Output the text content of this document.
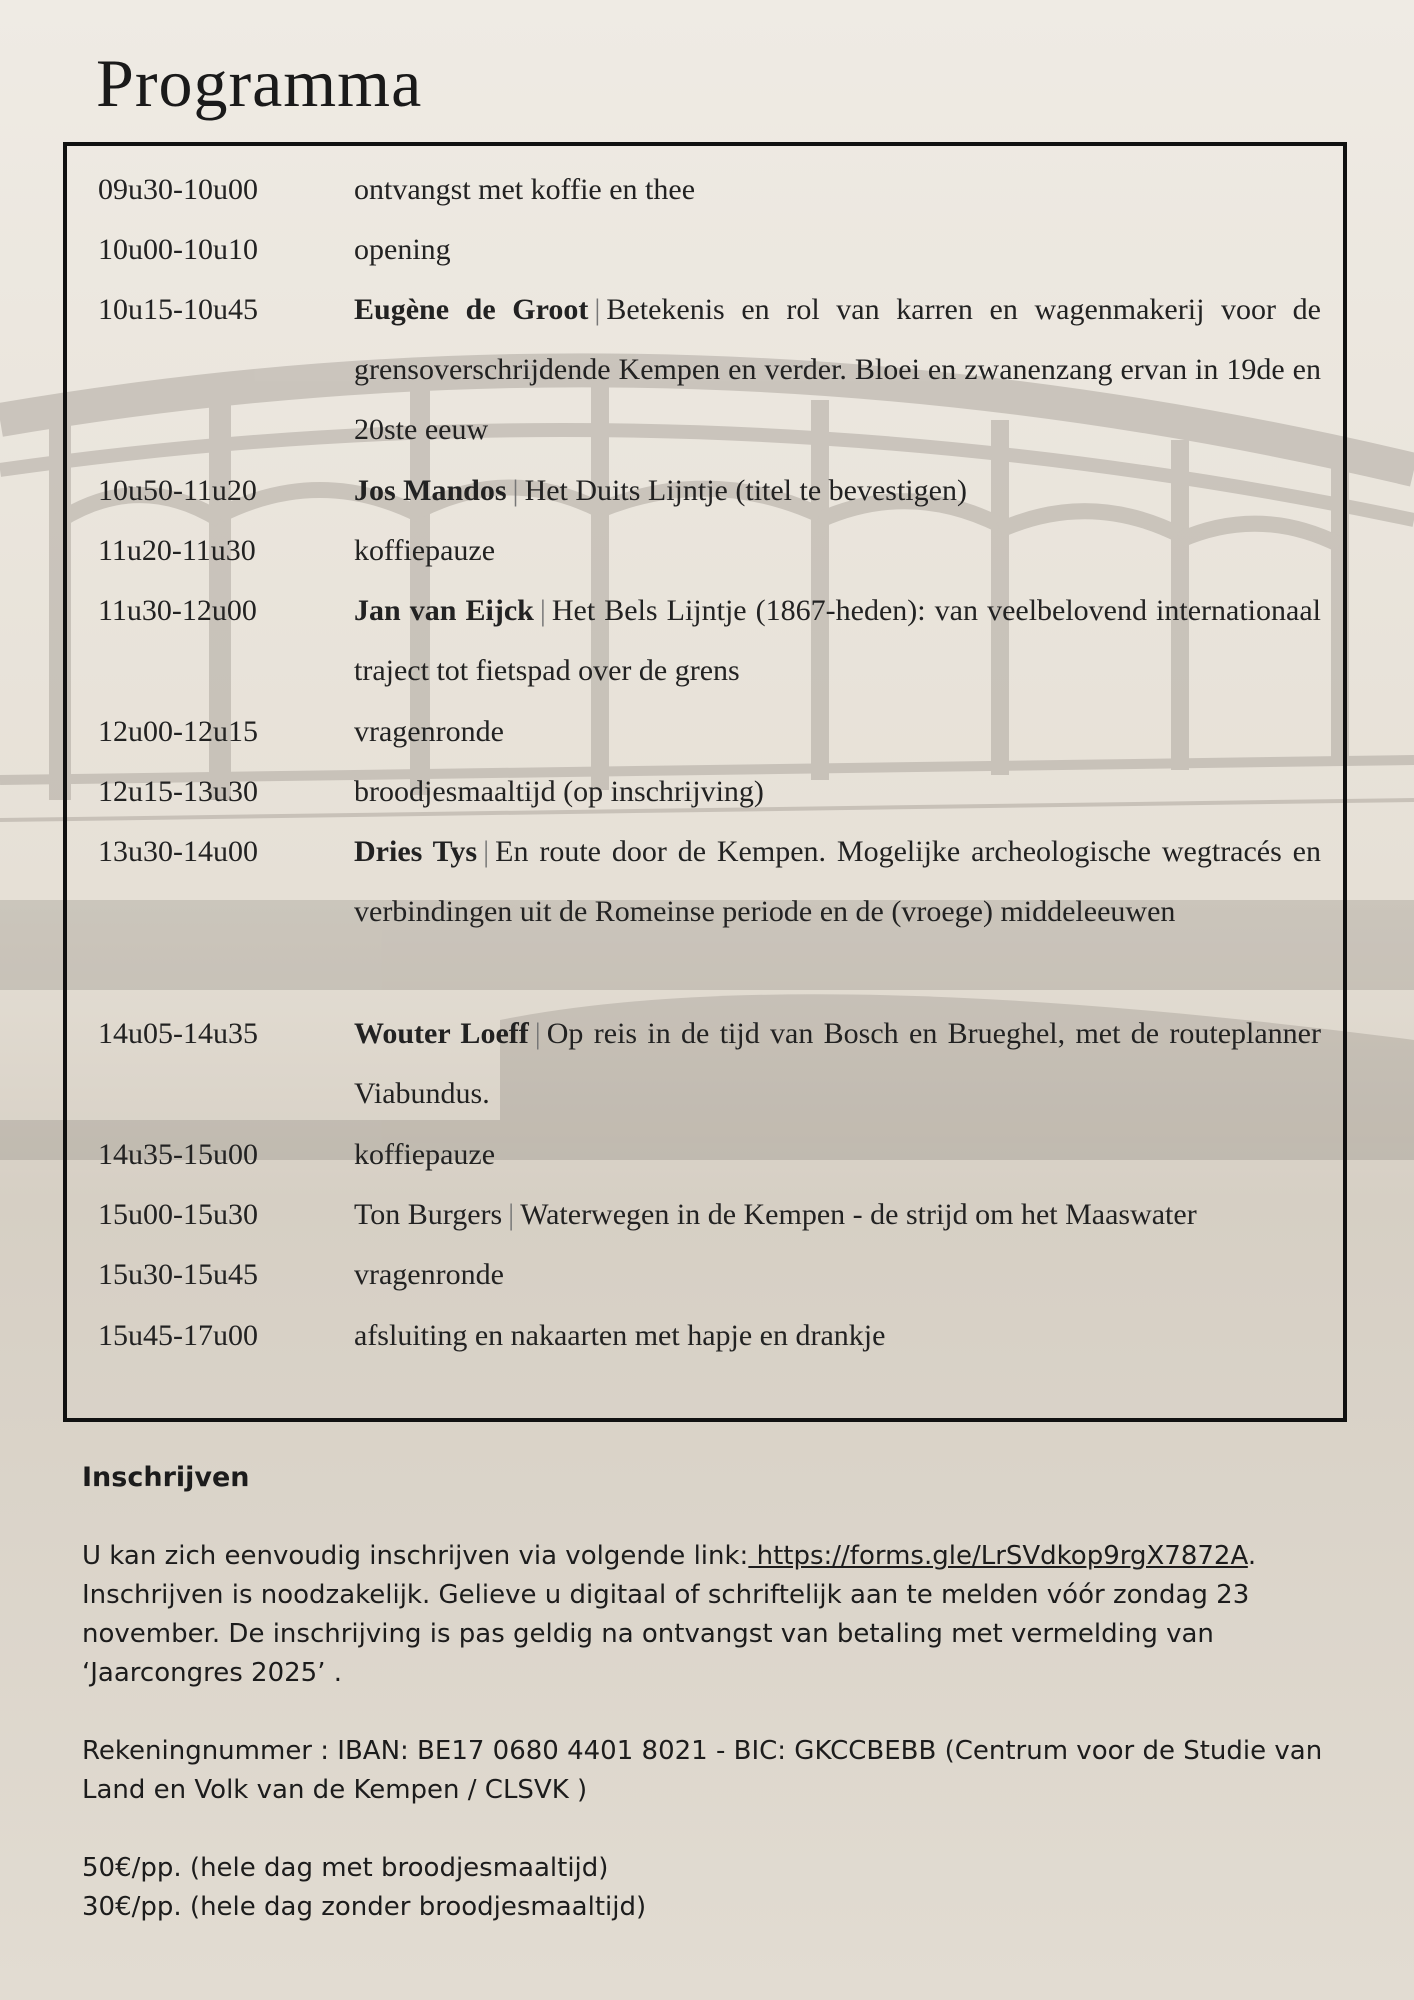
Programma
09u30-10u00	ontvangst met koffie en thee

10u00-10u10	opening

10u15-10u45	Eugène de Groot | Betekenis en rol van karren en wagenmakerij voor de grensoverschrijdende Kempen en verder. Bloei en zwanenzang ervan in 19de en 20ste eeuw

10u50-11u20	Jos Mandos | Het Duits Lijntje (titel te bevestigen)

11u20-11u30	koffiepauze

11u30-12u00	Jan van Eijck | Het Bels Lijntje (1867-heden): van veelbelovend internationaal traject tot fietspad over de grens

12u00-12u15	vragenronde

12u15-13u30	broodjesmaaltijd (op inschrijving)

13u30-14u00	Dries Tys | En route door de Kempen. Mogelijke archeologische wegtracés en verbindingen uit de Romeinse periode en de (vroege) middeleeuwen

14u05-14u35	Wouter Loeff | Op reis in de tijd van Bosch en Brueghel, met de routeplanner Viabundus.

14u35-15u00	koffiepauze

15u00-15u30	Ton Burgers | Waterwegen in de Kempen - de strijd om het Maaswater

15u30-15u45	vragenronde

15u45-17u00	afsluiting en nakaarten met hapje en drankje

Inschrijven
U kan zich eenvoudig inschrijven via volgende link: https://forms.gle/LrSVdkop9rgX7872A. Inschrijven is noodzakelijk. Gelieve u digitaal of schriftelijk aan te melden vóór zondag 23 november. De inschrijving is pas geldig na ontvangst van betaling met vermelding van ‘Jaarcongres 2025’ .
Rekeningnummer : IBAN: BE17 0680 4401 8021 - BIC: GKCCBEBB (Centrum voor de Studie van Land en Volk van de Kempen / CLSVK )
50€/pp. (hele dag met broodjesmaaltijd)
30€/pp. (hele dag zonder broodjesmaaltijd)
